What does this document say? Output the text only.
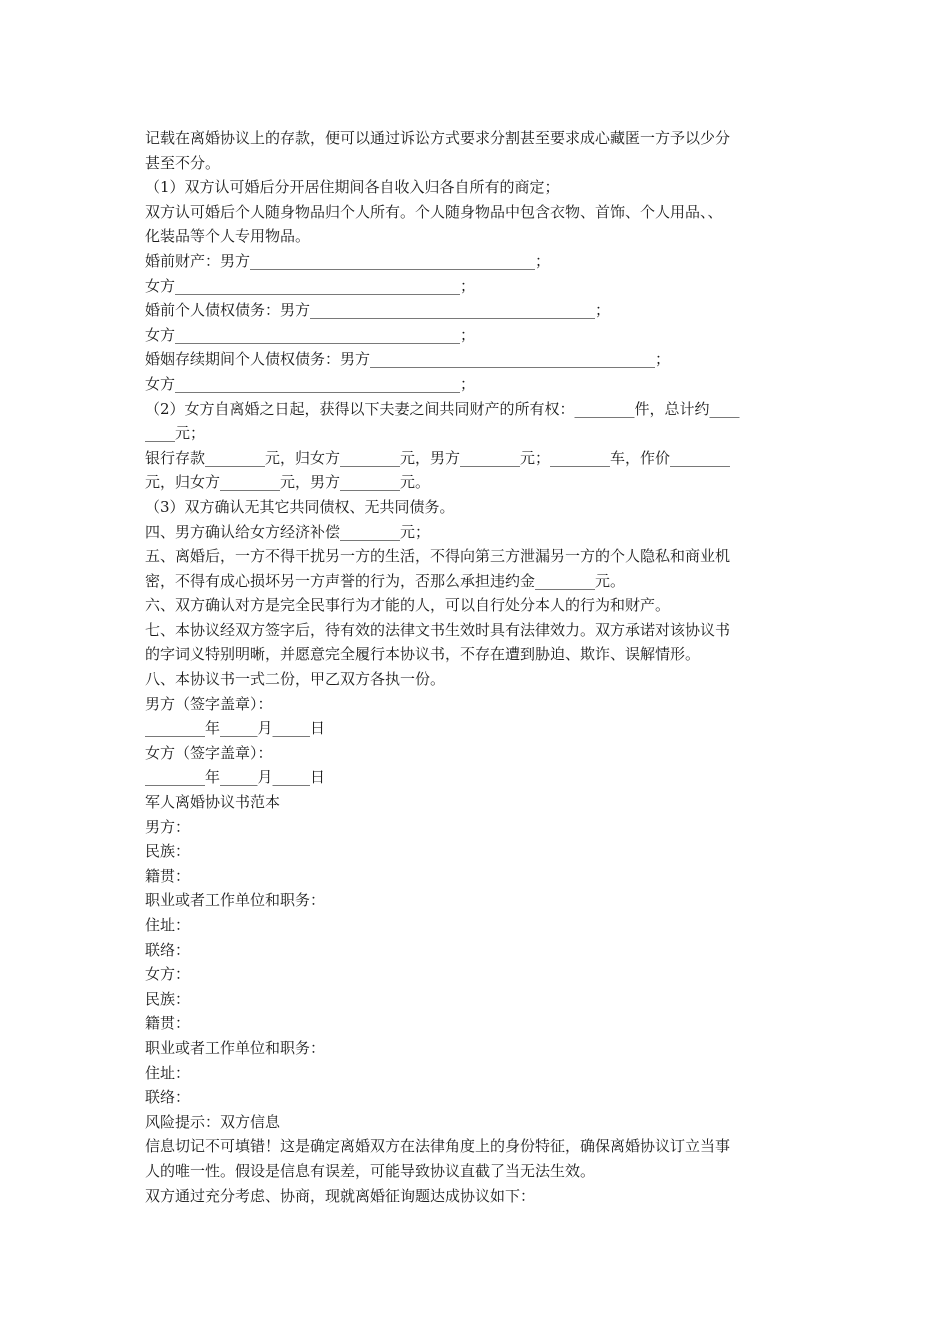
记载在离婚协议上的存款，便可以通过诉讼方式要求分割甚至要求成心藏匿一方予以少分

甚至不分。

（1）双方认可婚后分开居住期间各自收入归各自所有的商定；

双方认可婚后个人随身物品归个人所有。个人随身物品中包含衣物、首饰、个人用品、、

化装品等个人专用物品。

婚前财产：男方______________________________________；

女方______________________________________；

婚前个人债权债务：男方______________________________________；

女方______________________________________；

婚姻存续期间个人债权债务：男方______________________________________；

女方______________________________________；

（2）女方自离婚之日起，获得以下夫妻之间共同财产的所有权：________件，总计约____

____元；

银行存款________元，归女方________元，男方________元；________车，作价________

元，归女方________元，男方________元。

（3）双方确认无其它共同债权、无共同债务。

四、男方确认给女方经济补偿________元；

五、离婚后，一方不得干扰另一方的生活，不得向第三方泄漏另一方的个人隐私和商业机

密，不得有成心损坏另一方声誉的行为，否那么承担违约金________元。

六、双方确认对方是完全民事行为才能的人，可以自行处分本人的行为和财产。

七、本协议经双方签字后，待有效的法律文书生效时具有法律效力。双方承诺对该协议书

的字词义特别明晰，并愿意完全履行本协议书，不存在遭到胁迫、欺诈、误解情形。

八、本协议书一式二份，甲乙双方各执一份。

男方（签字盖章）：

________年_____月_____日

女方（签字盖章）：

________年_____月_____日

军人离婚协议书范本

男方：

民族：

籍贯：

职业或者工作单位和职务：

住址：

联络：

女方：

民族：

籍贯：

职业或者工作单位和职务：

住址：

联络：

风险提示：双方信息

信息切记不可填错！这是确定离婚双方在法律角度上的身份特征，确保离婚协议订立当事

人的唯一性。假设是信息有误差，可能导致协议直截了当无法生效。

双方通过充分考虑、协商，现就离婚征询题达成协议如下：
